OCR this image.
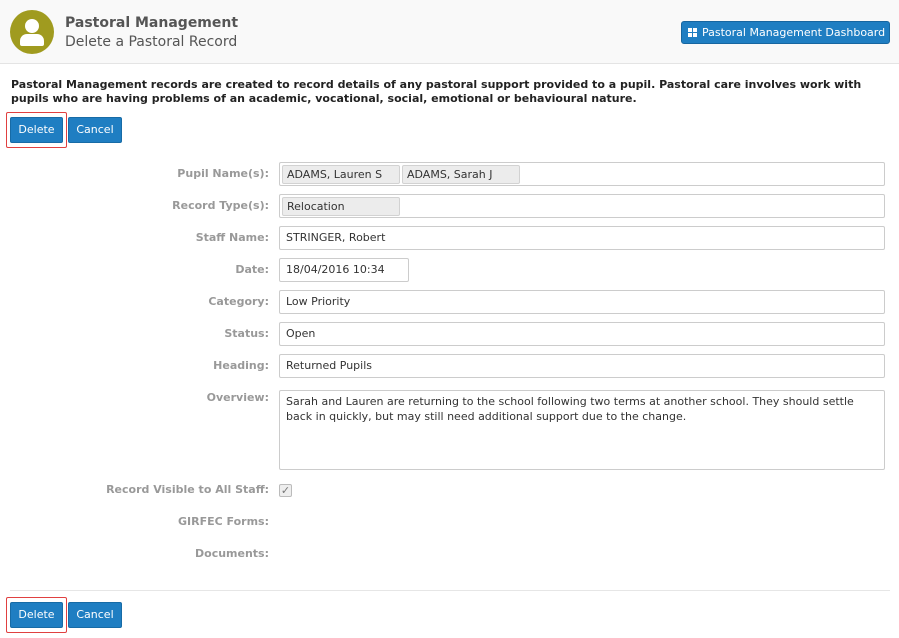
Pastoral Management
Delete a Pastoral Record
Pastoral Management Dashboard
Pastoral Management records are created to record details of any pastoral support provided to a pupil. Pastoral care involves work with pupils who are having problems of an academic, vocational, social, emotional or behavioural nature.
Delete	Cancel
Pupil Name(s):	ADAMS, Lauren S	ADAMS, Sarah J
Record Type(s):	Relocation
Staff Name:	STRINGER, Robert
Date:	18/04/2016 10:34
Category:	Low Priority
Status:	Open
Heading:	Returned Pupils
Overview:	Sarah and Lauren are returning to the school following two terms at another school. They should settle back in quickly, but may still need additional support due to the change.
Record Visible to All Staff: ✓
GIRFEC Forms:
Documents:
Delete	Cancel
